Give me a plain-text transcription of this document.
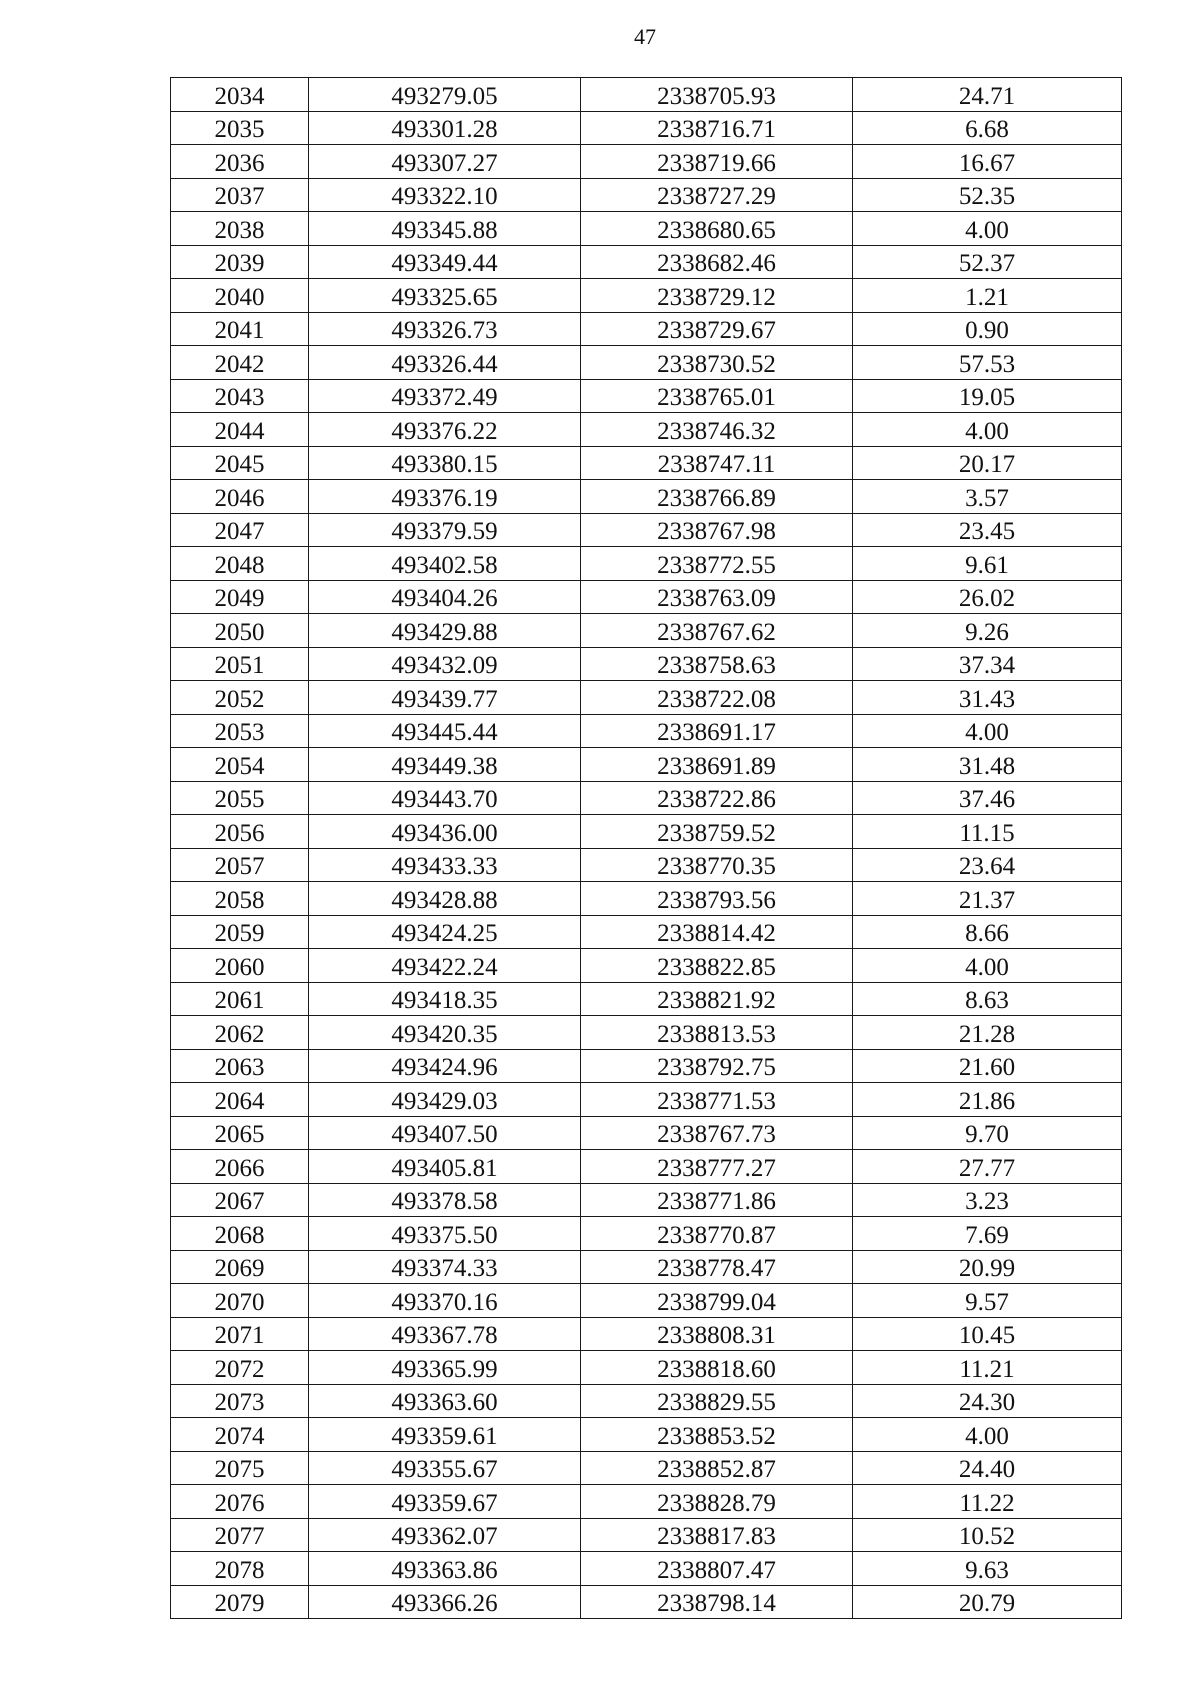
47
2034	493279.05	2338705.93	24.71
2035	493301.28	2338716.71	6.68
2036	493307.27	2338719.66	16.67
2037	493322.10	2338727.29	52.35
2038	493345.88	2338680.65	4.00
2039	493349.44	2338682.46	52.37
2040	493325.65	2338729.12	1.21
2041	493326.73	2338729.67	0.90
2042	493326.44	2338730.52	57.53
2043	493372.49	2338765.01	19.05
2044	493376.22	2338746.32	4.00
2045	493380.15	2338747.11	20.17
2046	493376.19	2338766.89	3.57
2047	493379.59	2338767.98	23.45
2048	493402.58	2338772.55	9.61
2049	493404.26	2338763.09	26.02
2050	493429.88	2338767.62	9.26
2051	493432.09	2338758.63	37.34
2052	493439.77	2338722.08	31.43
2053	493445.44	2338691.17	4.00
2054	493449.38	2338691.89	31.48
2055	493443.70	2338722.86	37.46
2056	493436.00	2338759.52	11.15
2057	493433.33	2338770.35	23.64
2058	493428.88	2338793.56	21.37
2059	493424.25	2338814.42	8.66
2060	493422.24	2338822.85	4.00
2061	493418.35	2338821.92	8.63
2062	493420.35	2338813.53	21.28
2063	493424.96	2338792.75	21.60
2064	493429.03	2338771.53	21.86
2065	493407.50	2338767.73	9.70
2066	493405.81	2338777.27	27.77
2067	493378.58	2338771.86	3.23
2068	493375.50	2338770.87	7.69
2069	493374.33	2338778.47	20.99
2070	493370.16	2338799.04	9.57
2071	493367.78	2338808.31	10.45
2072	493365.99	2338818.60	11.21
2073	493363.60	2338829.55	24.30
2074	493359.61	2338853.52	4.00
2075	493355.67	2338852.87	24.40
2076	493359.67	2338828.79	11.22
2077	493362.07	2338817.83	10.52
2078	493363.86	2338807.47	9.63
2079	493366.26	2338798.14	20.79
